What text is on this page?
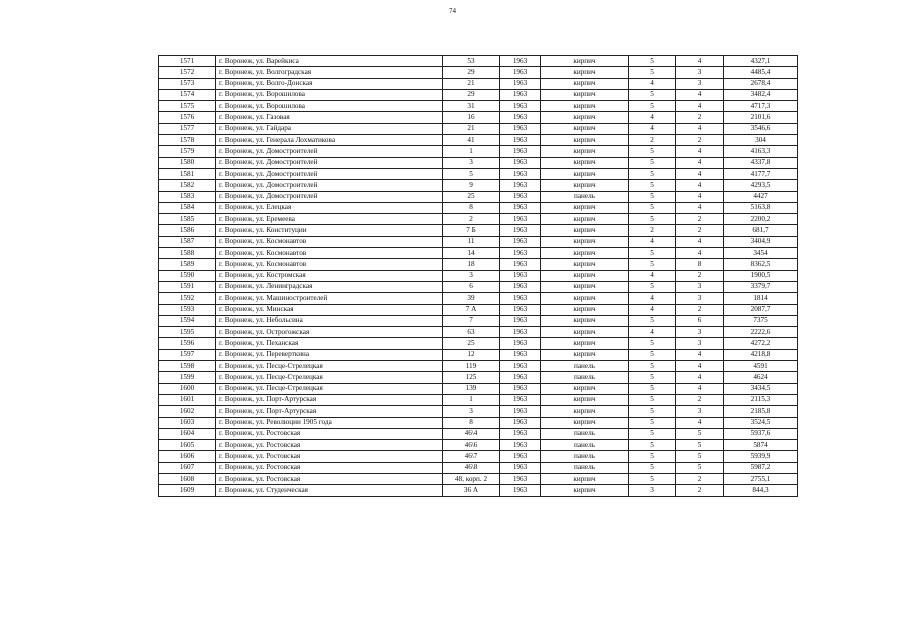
74
1571	г. Воронеж, ул. Варейкиса	53	1963	кирпич	5	4	4327,1
1572	г. Воронеж, ул. Волгоградская	29	1963	кирпич	5	3	4485,4
1573	г. Воронеж, ул. Волго-Донская	21	1963	кирпич	4	3	2678,4
1574	г. Воронеж, ул. Ворошилова	29	1963	кирпич	5	4	3482,4
1575	г. Воронеж, ул. Ворошилова	31	1963	кирпич	5	4	4717,3
1576	г. Воронеж, ул. Газовая	16	1963	кирпич	4	2	2101,6
1577	г. Воронеж, ул. Гайдара	21	1963	кирпич	4	4	3546,6
1578	г. Воронеж, ул. Генерала Лохматикова	41	1963	кирпич	2	2	304
1579	г. Воронеж, ул. Домостроителей	1	1963	кирпич	5	4	4163,3
1580	г. Воронеж, ул. Домостроителей	3	1963	кирпич	5	4	4337,8
1581	г. Воронеж, ул. Домостроителей	5	1963	кирпич	5	4	4177,7
1582	г. Воронеж, ул. Домостроителей	9	1963	кирпич	5	4	4293,5
1583	г. Воронеж, ул. Домостроителей	25	1963	панель	5	4	4427
1584	г. Воронеж, ул. Елецкая	8	1963	кирпич	5	4	5163,8
1585	г. Воронеж, ул. Еремеева	2	1963	кирпич	5	2	2200,2
1586	г. Воронеж, ул. Конституции	7 Б	1963	кирпич	2	2	681,7
1587	г. Воронеж, ул. Космонавтов	11	1963	кирпич	4	4	3404,9
1588	г. Воронеж, ул. Космонавтов	14	1963	кирпич	5	4	3454
1589	г. Воронеж, ул. Космонавтов	18	1963	кирпич	5	8	8362,5
1590	г. Воронеж, ул. Костромская	3	1963	кирпич	4	2	1900,5
1591	г. Воронеж, ул. Ленинградская	6	1963	кирпич	5	3	3379,7
1592	г. Воронеж, ул. Машиностроителей	39	1963	кирпич	4	3	1814
1593	г. Воронеж, ул. Минская	7 А	1963	кирпич	4	2	2087,7
1594	г. Воронеж, ул. Небольсина	7	1963	кирпич	5	6	7375
1595	г. Воронеж, ул. Острогожская	63	1963	кирпич	4	3	2222,6
1596	г. Воронеж, ул. Пеханская	25	1963	кирпич	5	3	4272,2
1597	г. Воронеж, ул. Переверткина	12	1963	кирпич	5	4	4218,8
1598	г. Воронеж, ул. Песце-Стрелецкая	119	1963	панель	5	4	4591
1599	г. Воронеж, ул. Песце-Стрелецкая	125	1963	панель	5	4	4624
1600	г. Воронеж, ул. Песце-Стрелецкая	139	1963	кирпич	5	4	3434,5
1601	г. Воронеж, ул. Порт-Артурская	1	1963	кирпич	5	2	2115,3
1602	г. Воронеж, ул. Порт-Артурская	3	1963	кирпич	5	3	2185,8
1603	г. Воронеж, ул. Революции 1905 года	8	1963	кирпич	5	4	3524,5
1604	г. Воронеж, ул. Ростовская	46\4	1963	панель	5	5	5937,6
1605	г. Воронеж, ул. Ростовская	46\6	1963	панель	5	5	5874
1606	г. Воронеж, ул. Ростовская	46\7	1963	панель	5	5	5939,9
1607	г. Воронеж, ул. Ростовская	46\8	1963	панель	5	5	5987,2
1608	г. Воронеж, ул. Ростовская	48, корп. 2	1963	кирпич	5	2	2755,1
1609	г. Воронеж, ул. Студенческая	36 А	1963	кирпич	3	2	844,3
